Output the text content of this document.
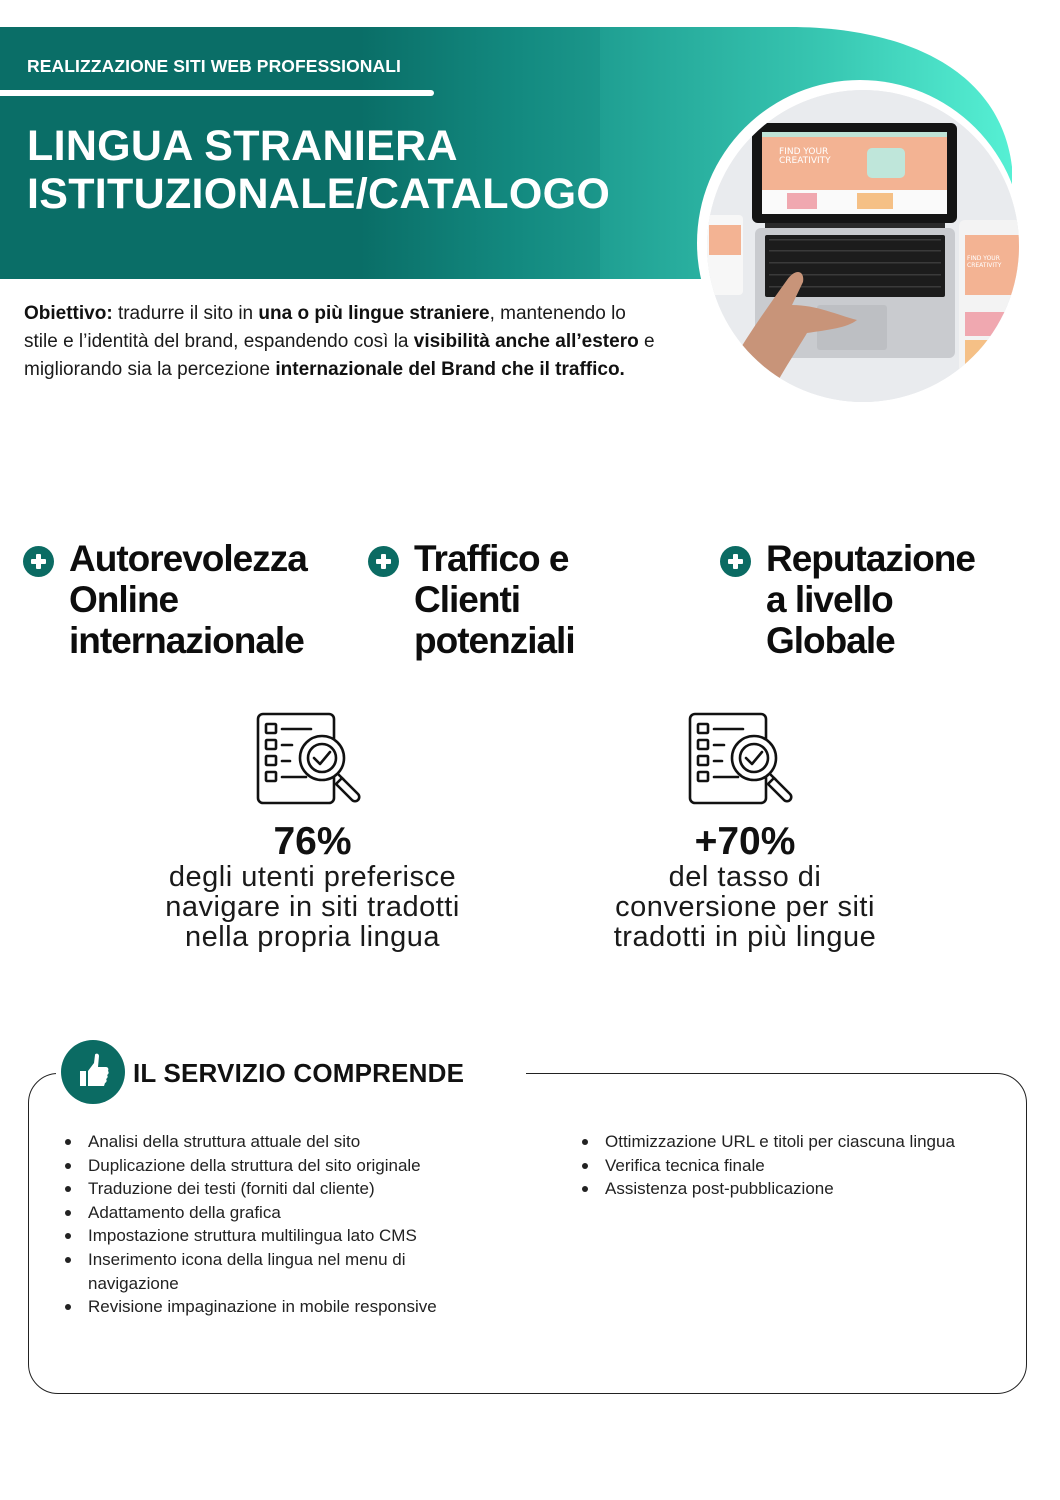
REALIZZAZIONE SITI WEB PROFESSIONALI
LINGUA STRANIERA
ISTITUZIONALE/CATALOGO
FIND YOUR
CREATIVITY
FIND YOUR
CREATIVITY

Obiettivo: tradurre il sito in una o più lingue straniere, mantenendo lo stile e l’identità del brand, espandendo così la visibilità anche all’estero e migliorando sia la percezione internazionale del Brand che il traffico.

Autorevolezza
Online
internazionale
Traffico e
Clienti
potenziali
Reputazione
a livello
Globale
76%
degli utenti preferisce
navigare in siti tradotti
nella propria lingua
+70%
del tasso di
conversione per siti
tradotti in più lingue
IL SERVIZIO COMPRENDE
Analisi della struttura attuale del sito
Duplicazione della struttura del sito originale
Traduzione dei testi (forniti dal cliente)
Adattamento della grafica
Impostazione struttura multilingua lato CMS
Inserimento icona della lingua nel menu di navigazione
Revisione impaginazione in mobile responsive
Ottimizzazione URL e titoli per ciascuna lingua
Verifica tecnica finale
Assistenza post-pubblicazione
